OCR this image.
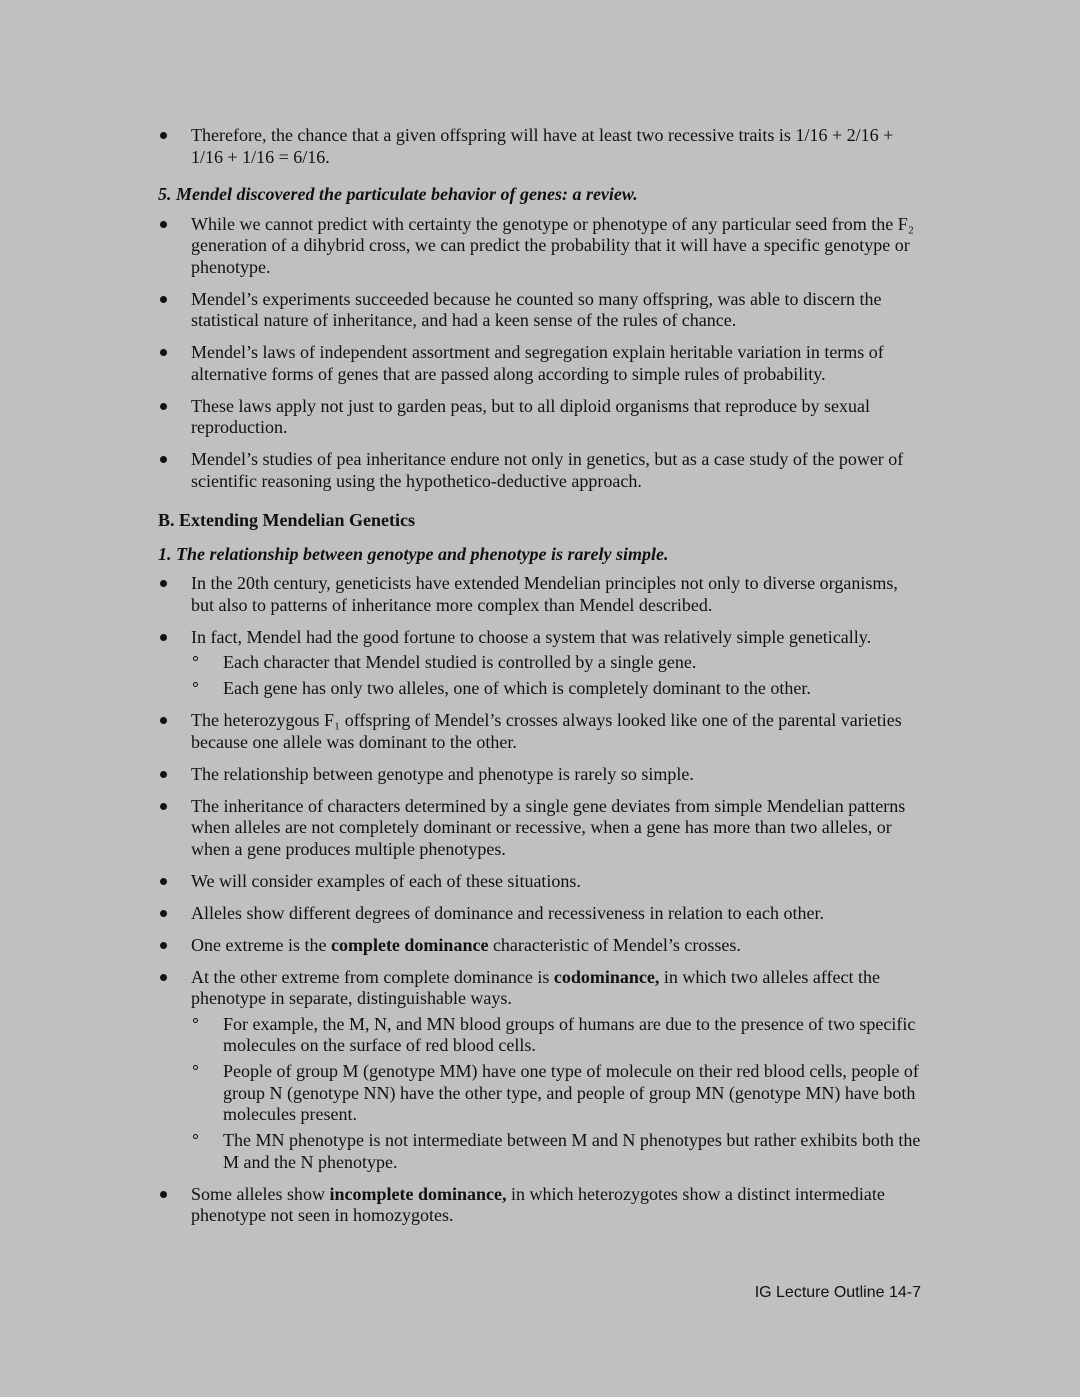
Therefore, the chance that a given offspring will have at least two recessive traits is 1/16 + 2/16 + 1/16 + 1/16 = 6/16.
5. Mendel discovered the particulate behavior of genes: a review.
While we cannot predict with certainty the genotype or phenotype of any particular seed from the F₂ generation of a dihybrid cross, we can predict the probability that it will have a specific genotype or phenotype.
Mendel’s experiments succeeded because he counted so many offspring, was able to discern the statistical nature of inheritance, and had a keen sense of the rules of chance.
Mendel’s laws of independent assortment and segregation explain heritable variation in terms of alternative forms of genes that are passed along according to simple rules of probability.
These laws apply not just to garden peas, but to all diploid organisms that reproduce by sexual reproduction.
Mendel’s studies of pea inheritance endure not only in genetics, but as a case study of the power of scientific reasoning using the hypothetico-deductive approach.
B. Extending Mendelian Genetics
1. The relationship between genotype and phenotype is rarely simple.
In the 20th century, geneticists have extended Mendelian principles not only to diverse organisms, but also to patterns of inheritance more complex than Mendel described.
In fact, Mendel had the good fortune to choose a system that was relatively simple genetically.
Each character that Mendel studied is controlled by a single gene.
Each gene has only two alleles, one of which is completely dominant to the other.
The heterozygous F₁ offspring of Mendel’s crosses always looked like one of the parental varieties because one allele was dominant to the other.
The relationship between genotype and phenotype is rarely so simple.
The inheritance of characters determined by a single gene deviates from simple Mendelian patterns when alleles are not completely dominant or recessive, when a gene has more than two alleles, or when a gene produces multiple phenotypes.
We will consider examples of each of these situations.
Alleles show different degrees of dominance and recessiveness in relation to each other.
One extreme is the complete dominance characteristic of Mendel’s crosses.
At the other extreme from complete dominance is codominance, in which two alleles affect the phenotype in separate, distinguishable ways.
For example, the M, N, and MN blood groups of humans are due to the presence of two specific molecules on the surface of red blood cells.
People of group M (genotype MM) have one type of molecule on their red blood cells, people of group N (genotype NN) have the other type, and people of group MN (genotype MN) have both molecules present.
The MN phenotype is not intermediate between M and N phenotypes but rather exhibits both the M and the N phenotype.
Some alleles show incomplete dominance, in which heterozygotes show a distinct intermediate phenotype not seen in homozygotes.
IG Lecture Outline 14-7
